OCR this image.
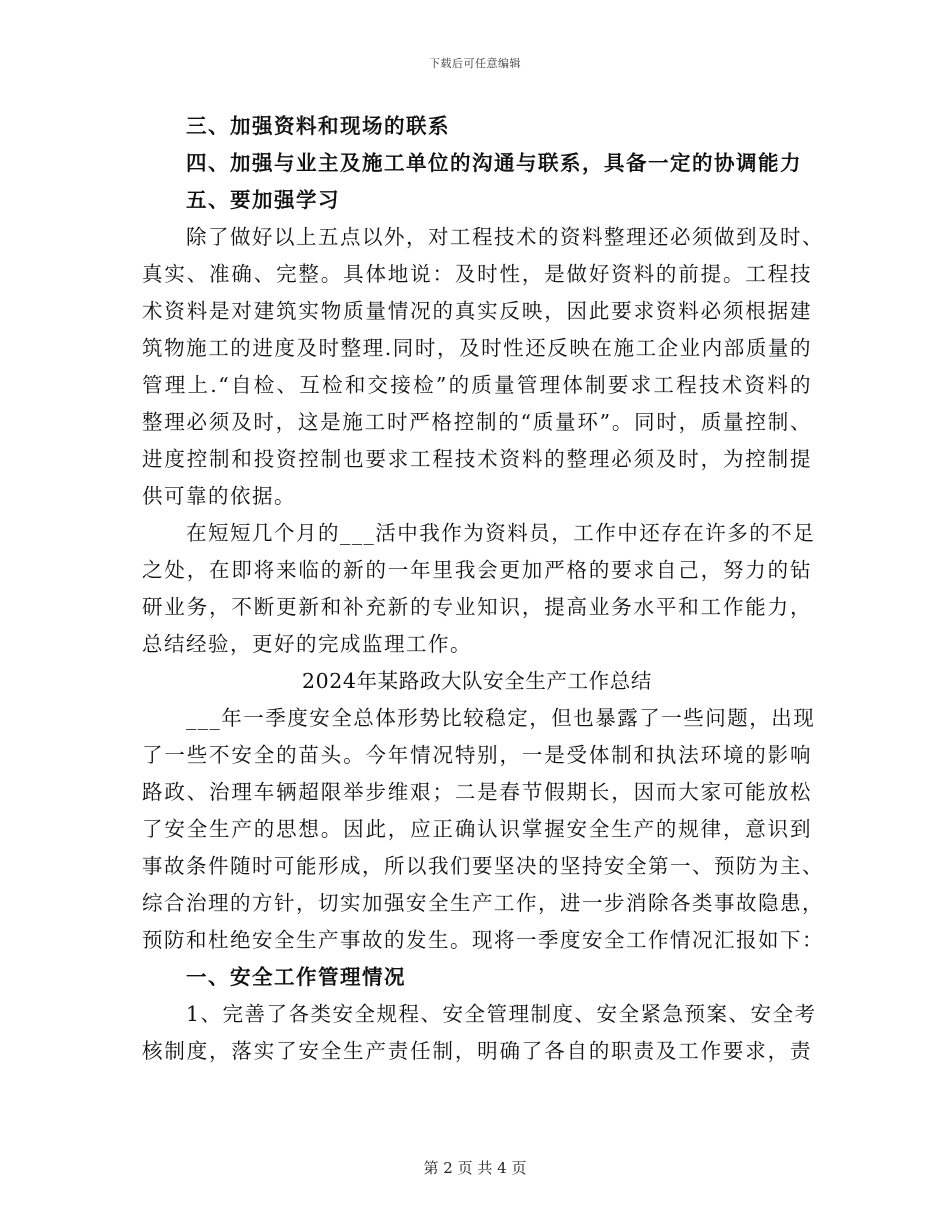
下载后可任意编辑
三、加强资料和现场的联系
四、加强与业主及施工单位的沟通与联系，具备一定的协调能力
五、要加强学习
除了做好以上五点以外，对工程技术的资料整理还必须做到及时、
真实、准确、完整。具体地说：及时性，是做好资料的前提。工程技
术资料是对建筑实物质量情况的真实反映，因此要求资料必须根据建
筑物施工的进度及时整理.同时，及时性还反映在施工企业内部质量的
管理上.“自检、互检和交接检”的质量管理体制要求工程技术资料的
整理必须及时，这是施工时严格控制的“质量环”。同时，质量控制、
进度控制和投资控制也要求工程技术资料的整理必须及时，为控制提
供可靠的依据。
在短短几个月的___活中我作为资料员，工作中还存在许多的不足
之处，在即将来临的新的一年里我会更加严格的要求自己，努力的钻
研业务，不断更新和补充新的专业知识，提高业务水平和工作能力，
总结经验，更好的完成监理工作。
2024年某路政大队安全生产工作总结
___年一季度安全总体形势比较稳定，但也暴露了一些问题，出现
了一些不安全的苗头。今年情况特别，一是受体制和执法环境的影响
路政、治理车辆超限举步维艰；二是春节假期长，因而大家可能放松
了安全生产的思想。因此，应正确认识掌握安全生产的规律，意识到
事故条件随时可能形成，所以我们要坚决的坚持安全第一、预防为主、
综合治理的方针，切实加强安全生产工作，进一步消除各类事故隐患，
预防和杜绝安全生产事故的发生。现将一季度安全工作情况汇报如下：
一、安全工作管理情况
1、完善了各类安全规程、安全管理制度、安全紧急预案、安全考
核制度，落实了安全生产责任制，明确了各自的职责及工作要求，责
第 2 页 共 4 页
